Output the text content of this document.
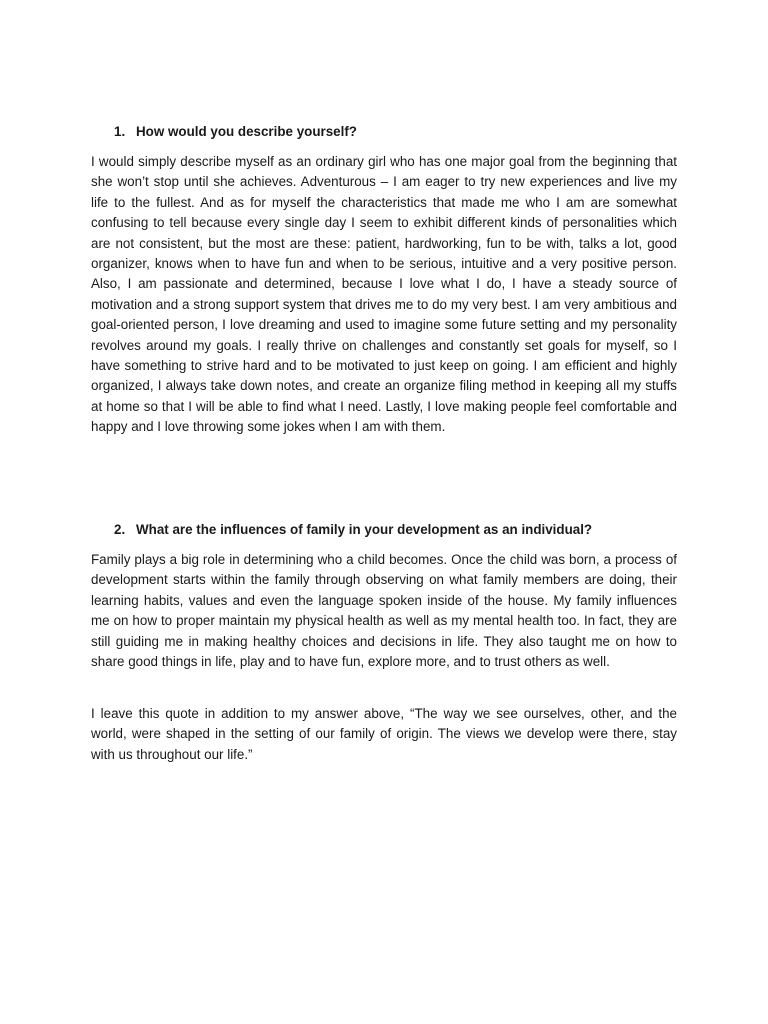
1. How would you describe yourself?
I would simply describe myself as an ordinary girl who has one major goal from the beginning that she won’t stop until she achieves. Adventurous – I am eager to try new experiences and live my life to the fullest. And as for myself the characteristics that made me who I am are somewhat confusing to tell because every single day I seem to exhibit different kinds of personalities which are not consistent, but the most are these: patient, hardworking, fun to be with, talks a lot, good organizer, knows when to have fun and when to be serious, intuitive and a very positive person. Also, I am passionate and determined, because I love what I do, I have a steady source of motivation and a strong support system that drives me to do my very best. I am very ambitious and goal-oriented person, I love dreaming and used to imagine some future setting and my personality revolves around my goals. I really thrive on challenges and constantly set goals for myself, so I have something to strive hard and to be motivated to just keep on going. I am efficient and highly organized, I always take down notes, and create an organize filing method in keeping all my stuffs at home so that I will be able to find what I need. Lastly, I love making people feel comfortable and happy and I love throwing some jokes when I am with them.
2. What are the influences of family in your development as an individual?
Family plays a big role in determining who a child becomes. Once the child was born, a process of development starts within the family through observing on what family members are doing, their learning habits, values and even the language spoken inside of the house. My family influences me on how to proper maintain my physical health as well as my mental health too. In fact, they are still guiding me in making healthy choices and decisions in life. They also taught me on how to share good things in life, play and to have fun, explore more, and to trust others as well.
I leave this quote in addition to my answer above, “The way we see ourselves, other, and the world, were shaped in the setting of our family of origin. The views we develop were there, stay with us throughout our life.”
